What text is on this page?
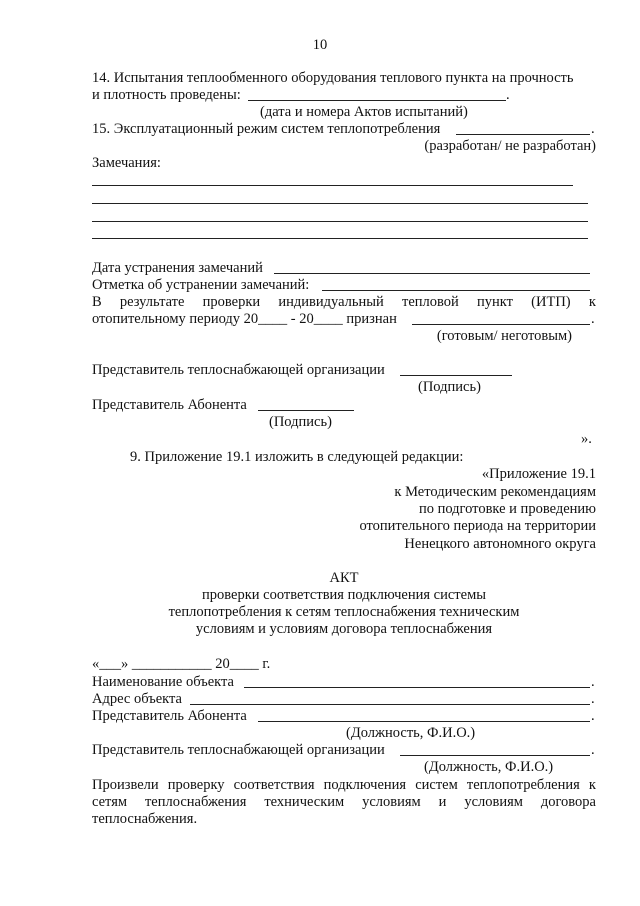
10
14. Испытания теплообменного оборудования теплового пункта на прочность
и плотность проведены:	.
(дата и номера Актов испытаний)
15. Эксплуатационный режим систем теплопотребления	.
(разработан/ не разработан)
Замечания:
Дата устранения замечаний
Отметка об устранении замечаний:
В результате проверки индивидуальный тепловой пункт (ИТП) к
отопительному периоду 20____ - 20____ признан	.
(готовым/ неготовым)
Представитель теплоснабжающей организации
(Подпись)
Представитель Абонента
(Подпись)
».
9. Приложение 19.1 изложить в следующей редакции:
«Приложение 19.1
к Методическим рекомендациям
по подготовке и проведению
отопительного периода на территории
Ненецкого автономного округа
АКТ
проверки соответствия подключения системы
теплопотребления к сетям теплоснабжения техническим
условиям и условиям договора теплоснабжения
«___» ___________ 20____ г.
Наименование объекта	.
Адрес объекта	.
Представитель Абонента	.
(Должность, Ф.И.О.)
Представитель теплоснабжающей организации	.
(Должность, Ф.И.О.)
Произвели проверку соответствия подключения систем теплопотребления к
сетям теплоснабжения техническим условиям и условиям договора
теплоснабжения.
